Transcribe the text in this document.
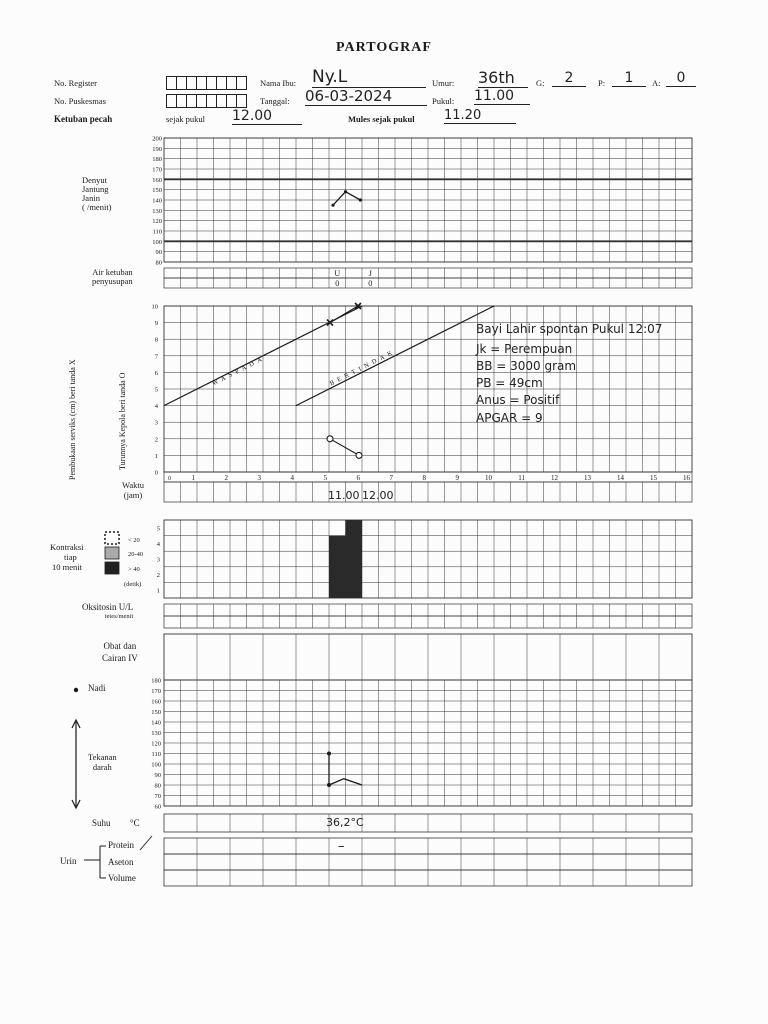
PARTOGRAF
No. Register
No. Puskesmas
Ketuban pecah	sejak pukul 12.00
Nama Ibu: Ny.L
Tanggal: 06-03-2024
Mules sejak pukul 11.20
Umur: 36th	G:	2	P:	1	A:	0
Pukul: 11.00
Denyut
Jantung
Janin
( /menit)
Air ketuban
penyusupan
Pembukaan serviks (cm) beri tanda X	Turunnya Kepola beri tanda O
Waktu
(jam)	11.00 12.00
Bayi Lahir spontan Pukul 12:07
Jk = Perempuan
BB = 3000 gram
PB = 49cm
Anus = Positif
APGAR = 9
Kontraksi
tiap
10 menit
< 20
20-40
> 40
(detik)
Oksitosin U/L
tetes/menit
Obat dan
Cairan IV
Nadi
Tekanan
darah
Suhu °C	36,2°C
Urin
Protein
Aseton
Volume
–
200
190
180
170
160
150
140
130
120
110
100
90
80
U
0
J
0
10
9
8
7
6
5
4
3
2
1
0
1	2	3	4	5	6	7	8	9	10	11	12	13	14	15	16
0
WASPADA	BERTINDAK
5
4
3
2
1
180
170
160
150
140
130
120
110
100
90
80
70
60
